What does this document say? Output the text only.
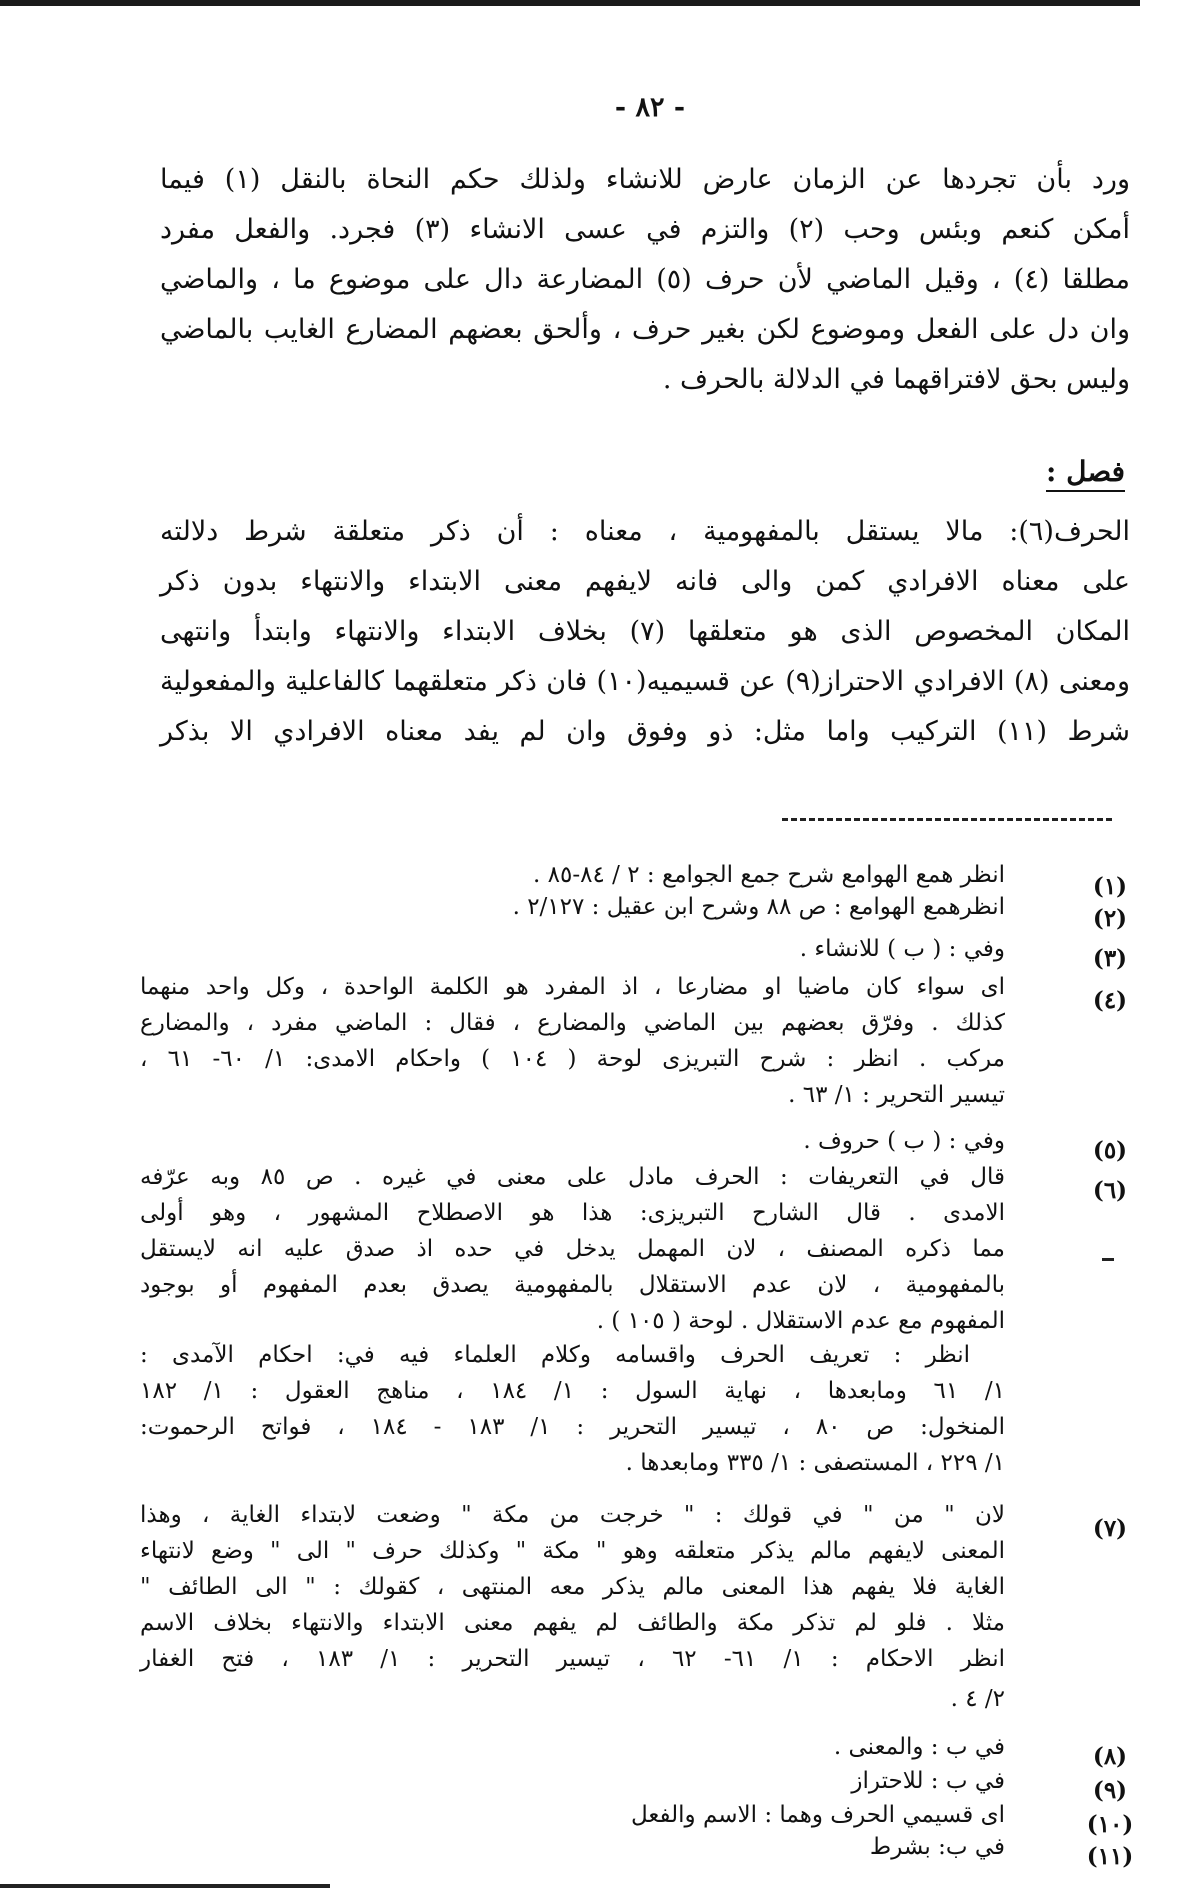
- ٨٢ -
ورد بأن تجردها عن الزمان عارض للانشاء ولذلك حكم النحاة بالنقل (١) فيما
أمكن كنعم وبئس وحب (٢) والتزم في عسى الانشاء (٣) فجرد. والفعل مفرد
مطلقا (٤) ، وقيل الماضي لأن حرف (٥) المضارعة دال على موضوع ما ، والماضي
وان دل على الفعل وموضوع لكن بغير حرف ، وألحق بعضهم المضارع الغايب بالماضي
وليس بحق لافتراقهما في الدلالة بالحرف .
فصل :
الحرف(٦): مالا يستقل بالمفهومية ، معناه : أن ذكر متعلقة شرط دلالته
على معناه الافرادي كمن والى فانه لايفهم معنى الابتداء والانتهاء بدون ذكر
المكان المخصوص الذى هو متعلقها (٧) بخلاف الابتداء والانتهاء وابتدأ وانتهى
ومعنى (٨) الافرادي الاحتراز(٩) عن قسيميه(١٠) فان ذكر متعلقهما كالفاعلية والمفعولية
شرط (١١) التركيب واما مثل: ذو وفوق وان لم يفد معناه الافرادي الا بذكر
(١)
انظر همع الهوامع شرح جمع الجوامع : ٢ / ٨٤-٨٥ .
(٢)
انظرهمع الهوامع : ص ٨٨ وشرح ابن عقيل : ٢/١٢٧ .
(٣)
وفي : ( ب ) للانشاء .
(٤)
اى سواء كان ماضيا او مضارعا ، اذ المفرد هو الكلمة الواحدة ، وكل واحد منهما
كذلك . وفرّق بعضهم بين الماضي والمضارع ، فقال : الماضي مفرد ، والمضارع
مركب . انظر : شرح التبريزى لوحة ( ١٠٤ ) واحكام الامدى: ١/ ٦٠- ٦١ ،
تيسير التحرير : ١/ ٦٣ .
(٥)
وفي : ( ب ) حروف .
(٦)
قال في التعريفات : الحرف مادل على معنى في غيره . ص ٨٥ وبه عرّفه
الامدى . قال الشارح التبريزى: هذا هو الاصطلاح المشهور ، وهو أولى
مما ذكره المصنف ، لان المهمل يدخل في حده اذ صدق عليه انه لايستقل
بالمفهومية ، لان عدم الاستقلال بالمفهومية يصدق بعدم المفهوم أو بوجود
المفهوم مع عدم الاستقلال . لوحة ( ١٠٥ ) .
انظر : تعريف الحرف واقسامه وكلام العلماء فيه في: احكام الآمدى :
١/ ٦١ ومابعدها ، نهاية السول : ١/ ١٨٤ ، مناهج العقول : ١/ ١٨٢
المنخول: ص ٨٠ ، تيسير التحرير : ١/ ١٨٣ - ١٨٤ ، فواتح الرحموت:
١/ ٢٢٩ ، المستصفى : ١/ ٣٣٥ ومابعدها .
(٧)
لان " من " في قولك : " خرجت من مكة " وضعت لابتداء الغاية ، وهذا
المعنى لايفهم مالم يذكر متعلقه وهو " مكة " وكذلك حرف " الى " وضع لانتهاء
الغاية فلا يفهم هذا المعنى مالم يذكر معه المنتهى ، كقولك : " الى الطائف "
مثلا . فلو لم تذكر مكة والطائف لم يفهم معنى الابتداء والانتهاء بخلاف الاسم
انظر الاحكام : ١/ ٦١- ٦٢ ، تيسير التحرير : ١/ ١٨٣ ، فتح الغفار
٢/ ٤ .
(٨)
في ب : والمعنى .
(٩)
في ب : للاحتراز
(١٠)
اى قسيمي الحرف وهما : الاسم والفعل
(١١)
في ب: بشرط
